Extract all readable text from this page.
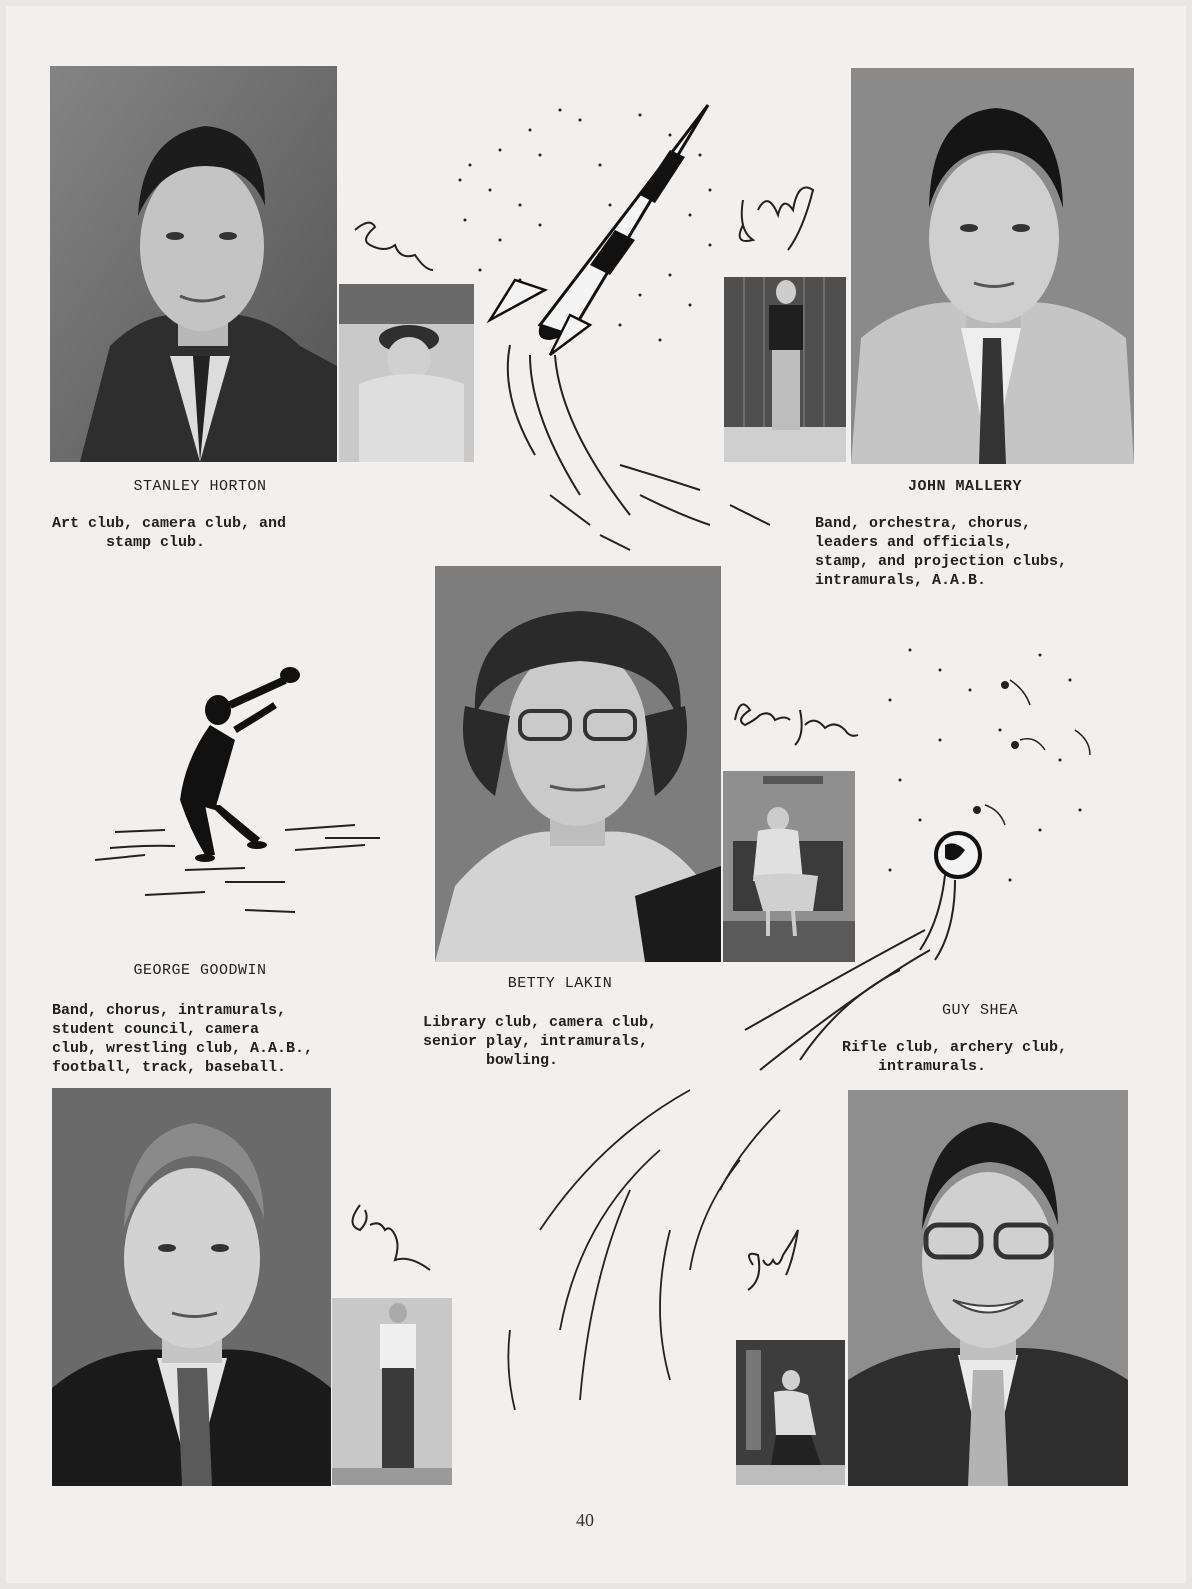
STANLEY HORTON
Art club, camera club, and
stamp club.
JOHN MALLERY
Band, orchestra, chorus,
leaders and officials,
stamp, and projection clubs,
intramurals, A.A.B.
BETTY LAKIN
Library club, camera club,
senior play, intramurals,
bowling.
GEORGE GOODWIN
Band, chorus, intramurals,
student council, camera
club, wrestling club, A.A.B.,
football, track, baseball.
GUY SHEA
Rifle club, archery club,
intramurals.
40
